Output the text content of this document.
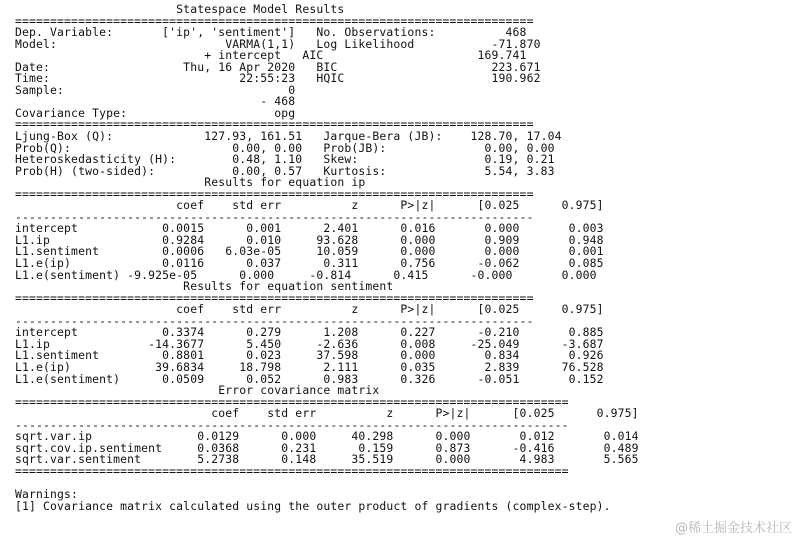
Statespace Model Results
==========================================================================
Dep. Variable:       ['ip', 'sentiment']   No. Observations:          468
Model:                        VARMA(1,1)   Log Likelihood           -71.870
+ intercept   AIC                      169.741
Date:                   Thu, 16 Apr 2020   BIC                      223.671
Time:                           22:55:23   HQIC                     190.962
Sample:                                0
- 468
Covariance Type:                     opg
==========================================================================
Ljung-Box (Q):             127.93, 161.51   Jarque-Bera (JB):    128.70, 17.04
Prob(Q):                       0.00, 0.00   Prob(JB):              0.00, 0.00
Heteroskedasticity (H):        0.48, 1.10   Skew:                  0.19, 0.21
Prob(H) (two-sided):           0.00, 0.57   Kurtosis:              5.54, 3.83
Results for equation ip
==========================================================================
coef    std err          z      P>|z|      [0.025      0.975]
--------------------------------------------------------------------------
intercept            0.0015      0.001      2.401      0.016       0.000       0.003
L1.ip                0.9284      0.010     93.628      0.000       0.909       0.948
L1.sentiment         0.0006   6.03e-05     10.059      0.000       0.000       0.001
L1.e(ip)             0.0116      0.037      0.311      0.756      -0.062       0.085
L1.e(sentiment) -9.925e-05      0.000     -0.814      0.415      -0.000       0.000
Results for equation sentiment
==========================================================================
coef    std err          z      P>|z|      [0.025      0.975]
--------------------------------------------------------------------------
intercept            0.3374      0.279      1.208      0.227      -0.210       0.885
L1.ip              -14.3677      5.450     -2.636      0.008     -25.049      -3.687
L1.sentiment         0.8801      0.023     37.598      0.000       0.834       0.926
L1.e(ip)            39.6834     18.798      2.111      0.035       2.839      76.528
L1.e(sentiment)      0.0509      0.052      0.983      0.326      -0.051       0.152
Error covariance matrix
===============================================================================
coef    std err          z      P>|z|      [0.025      0.975]
-------------------------------------------------------------------------------
sqrt.var.ip               0.0129      0.000     40.298      0.000       0.012       0.014
sqrt.cov.ip.sentiment     0.0368      0.231      0.159      0.873      -0.416       0.489
sqrt.var.sentiment        5.2738      0.148     35.519      0.000       4.983       5.565
===============================================================================

Warnings:
[1] Covariance matrix calculated using the outer product of gradients (complex-step).
@稀土掘金技术社区
